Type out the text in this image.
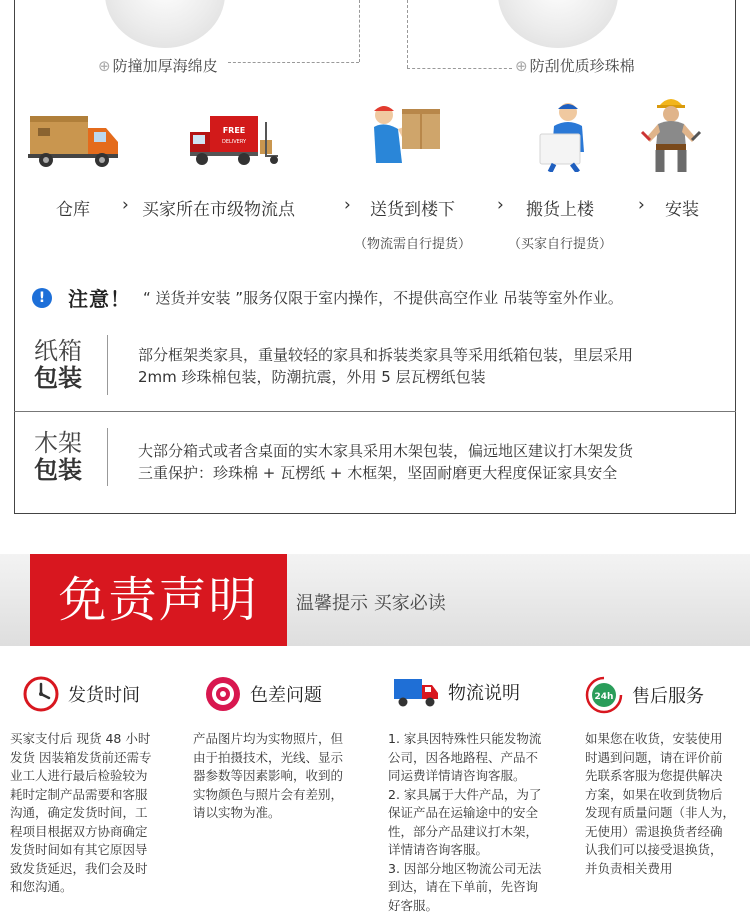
⊕ 防撞加厚海绵皮	⊕ 防刮优质珍珠棉
FREE
DELIVERY
仓库 › 买家所在市级物流点	› 送货到楼下 › 搬货上楼	› 安装
（物流需自行提货）	（买家自行提货）
!	注意！ “ 送货并安装 ”服务仅限于室内操作，不提供高空作业 吊装等室外作业。
纸箱
包装
部分框架类家具，重量较轻的家具和拆装类家具等采用纸箱包装，里层采用
2mm 珍珠棉包装，防潮抗震，外用 5 层瓦楞纸包装
木架
包装
大部分箱式或者含桌面的实木家具采用木架包装，偏远地区建议打木架发货
三重保护：珍珠棉 + 瓦楞纸 + 木框架，坚固耐磨更大程度保证家具安全
免责声明	温馨提示 买家必读
发货时间
买家支付后 现货 48 小时
发货 因装箱发货前还需专
业工人进行最后检验较为
耗时定制产品需要和客服
沟通，确定发货时间，工
程项目根据双方协商确定
发货时间如有其它原因导
致发货延迟，我们会及时
和您沟通。
色差问题
产品图片均为实物照片，但
由于拍摄技术，光线、显示
器参数等因素影响，收到的
实物颜色与照片会有差别，
请以实物为准。
物流说明
1. 家具因特殊性只能发物流
公司，因各地路程、产品不
同运费详情请咨询客服。
2. 家具属于大件产品，为了
保证产品在运输途中的安全
性，部分产品建议打木架，
详情请咨询客服。
3. 因部分地区物流公司无法
到达，请在下单前，先咨询
好客服。
24h 售后服务
如果您在收货，安装使用
时遇到问题，请在评价前
先联系客服为您提供解决
方案，如果在收到货物后
发现有质量问题（非人为，
无使用）需退换货者经确
认我们可以接受退换货，
并负责相关费用
